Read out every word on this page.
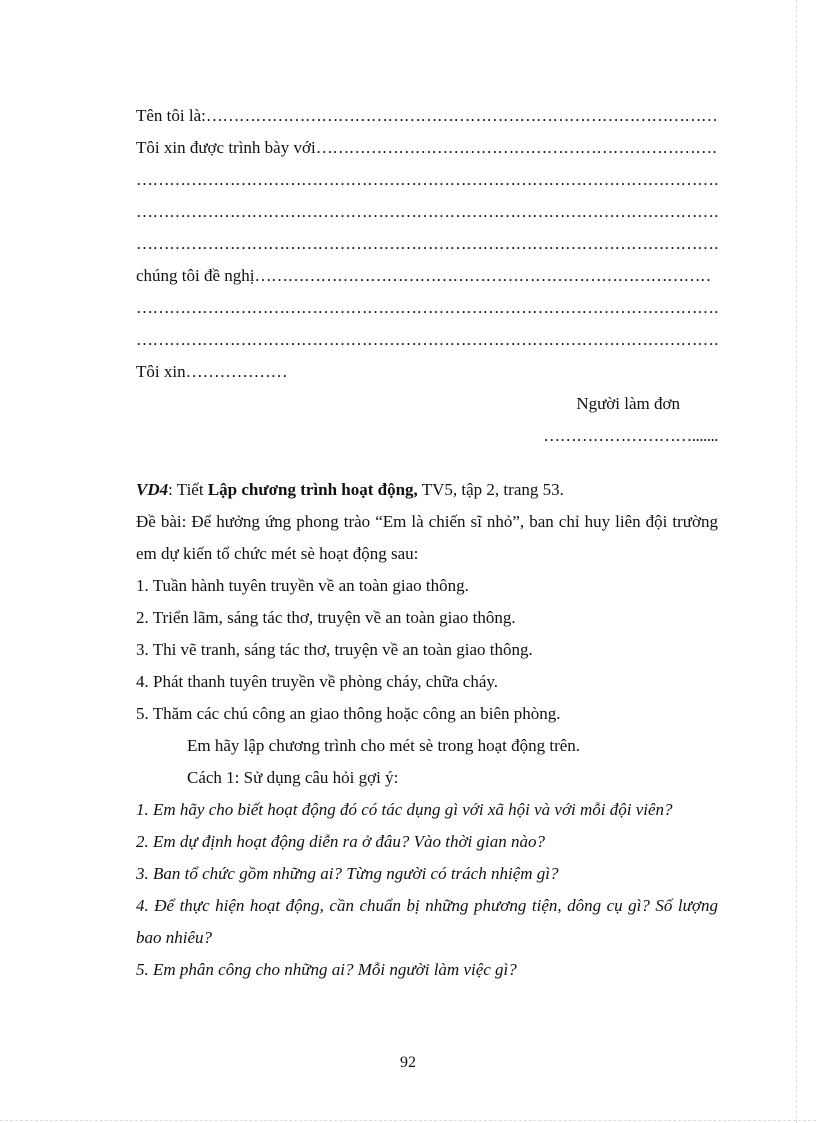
Tên tôi là:
……………………………………………………………………………………………………………………………………………………………………………………………………………………
Tôi xin được trình bày với
……………………………………………………………………………………………………………………………………………………………………………………………………………………
……………………………………………………………………………………………………………………………………………………………………………………………………………………
……………………………………………………………………………………………………………………………………………………………………………………………………………………
……………………………………………………………………………………………………………………………………………………………………………………………………………………
chúng tôi đề nghị
……………………………………………………………………………………………………………………………………………………………………………………………………………………
……………………………………………………………………………………………………………………………………………………………………………………………………………………
……………………………………………………………………………………………………………………………………………………………………………………………………………………
Tôi xin………………
Người làm đơn
……………………….......
VD4: Tiết Lập chương trình hoạt động, TV5, tập 2, trang 53.
Đề bài: Để hưởng ứng phong trào “Em là chiến sĩ nhỏ”, ban chỉ huy liên đội trường em dự kiến tổ chức mét sè hoạt động sau:
1. Tuần hành tuyên truyền về an toàn giao thông.
2. Triển lãm, sáng tác thơ, truyện về an toàn giao thông.
3. Thi vẽ tranh, sáng tác thơ, truyện về an toàn giao thông.
4. Phát thanh tuyên truyền về phòng cháy, chữa cháy.
5. Thăm các chú công an giao thông hoặc công an biên phòng.
Em hãy lập chương trình cho mét sè trong hoạt động trên.
Cách 1: Sử dụng câu hỏi gợi ý:
1. Em hãy cho biết hoạt động đó có tác dụng gì với xã hội và với mỗi đội viên?
2. Em dự định hoạt động diễn ra ở đâu? Vào thời gian nào?
3. Ban tổ chức gồm những ai? Từng người có trách nhiệm gì?
4. Để thực hiện hoạt động, cần chuẩn bị những phương tiện, dông cụ gì? Số lượng bao nhiêu?
5. Em phân công cho những ai? Mỗi người làm việc gì?
92
